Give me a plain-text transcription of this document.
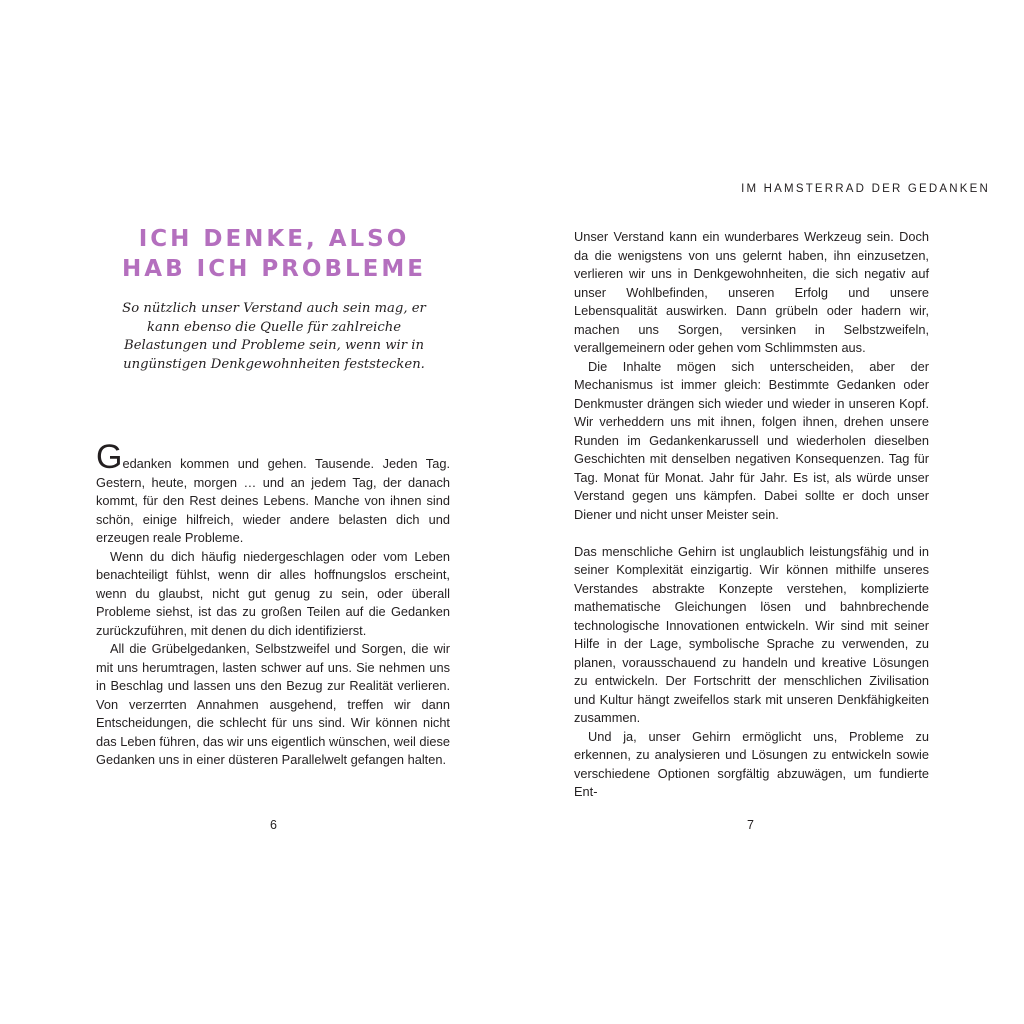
ICH DENKE, ALSO
HAB ICH PROBLEME

So nützlich unser Verstand auch sein mag, er kann ebenso die Quelle für zahlreiche Belastungen und Probleme sein, wenn wir in ungünstigen Denkgewohnheiten feststecken.

Gedanken kommen und gehen. Tausende. Jeden Tag. Gestern, heute, morgen … und an jedem Tag, der danach kommt, für den Rest deines Lebens. Manche von ihnen sind schön, einige hilfreich, wieder andere belasten dich und erzeugen reale Probleme.

Wenn du dich häufig niedergeschlagen oder vom Leben benachteiligt fühlst, wenn dir alles hoffnungslos erscheint, wenn du glaubst, nicht gut genug zu sein, oder überall Probleme siehst, ist das zu großen Teilen auf die Gedanken zurückzuführen, mit denen du dich identifizierst.

All die Grübelgedanken, Selbstzweifel und Sorgen, die wir mit uns herumtragen, lasten schwer auf uns. Sie nehmen uns in Beschlag und lassen uns den Bezug zur Realität verlieren. Von verzerrten Annahmen ausgehend, treffen wir dann Entscheidungen, die schlecht für uns sind. Wir können nicht das Leben führen, das wir uns eigentlich wünschen, weil diese Gedanken uns in einer düsteren Parallelwelt gefangen halten.

6
IM HAMSTERRAD DER GEDANKEN

Unser Verstand kann ein wunderbares Werkzeug sein. Doch da die wenigstens von uns gelernt haben, ihn einzusetzen, verlieren wir uns in Denkgewohnheiten, die sich negativ auf unser Wohlbefinden, unseren Erfolg und unsere Lebensqualität auswirken. Dann grübeln oder hadern wir, machen uns Sorgen, versinken in Selbstzweifeln, verallgemeinern oder gehen vom Schlimmsten aus.

Die Inhalte mögen sich unterscheiden, aber der Mechanismus ist immer gleich: Bestimmte Gedanken oder Denkmuster drängen sich wieder und wieder in unseren Kopf. Wir verheddern uns mit ihnen, folgen ihnen, drehen unsere Runden im Gedankenkarussell und wiederholen dieselben Geschichten mit denselben negativen Konsequenzen. Tag für Tag. Monat für Monat. Jahr für Jahr. Es ist, als würde unser Verstand gegen uns kämpfen. Dabei sollte er doch unser Diener und nicht unser Meister sein.

Das menschliche Gehirn ist unglaublich leistungsfähig und in seiner Komplexität einzigartig. Wir können mithilfe unseres Verstandes abstrakte Konzepte verstehen, komplizierte mathematische Gleichungen lösen und bahnbrechende technologische Innovationen entwickeln. Wir sind mit seiner Hilfe in der Lage, symbolische Sprache zu verwenden, zu planen, vorausschauend zu handeln und kreative Lösungen zu entwickeln. Der Fortschritt der menschlichen Zivilisation und Kultur hängt zweifellos stark mit unseren Denkfähigkeiten zusammen.

Und ja, unser Gehirn ermöglicht uns, Probleme zu erkennen, zu analysieren und Lösungen zu entwickeln sowie verschiedene Optionen sorgfältig abzuwägen, um fundierte Ent-

7
